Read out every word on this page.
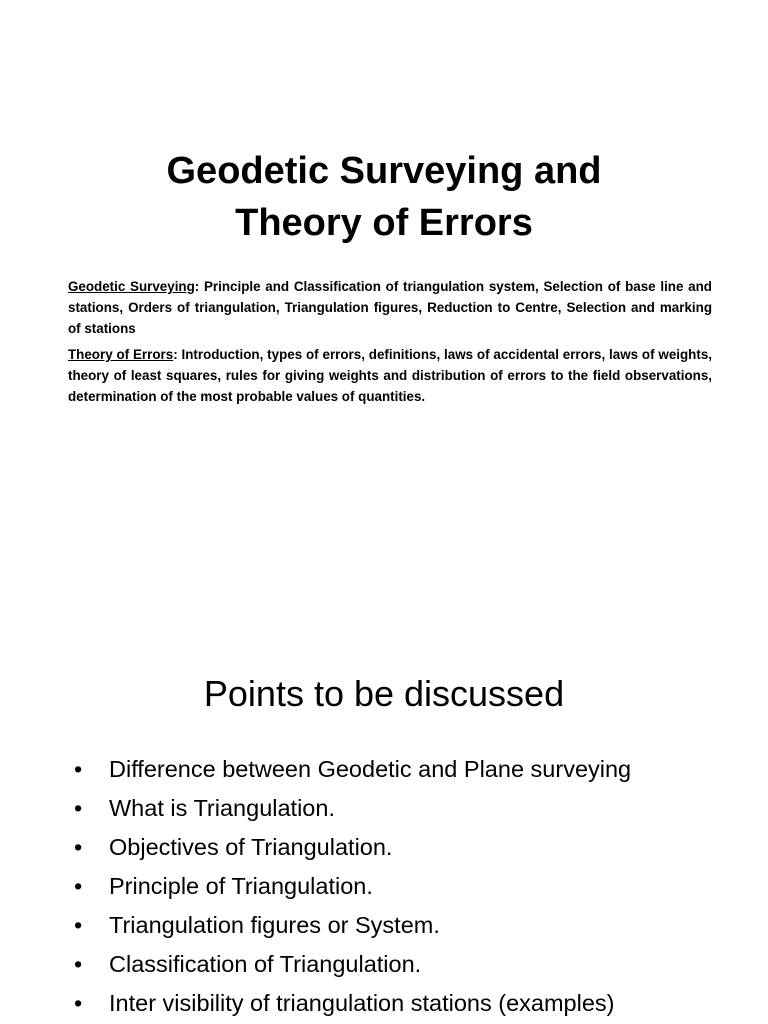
Geodetic Surveying and
Theory of Errors

Geodetic Surveying: Principle and Classification of triangulation system, Selection of base line and stations, Orders of triangulation, Triangulation figures, Reduction to Centre, Selection and marking of stations

Theory of Errors: Introduction, types of errors, definitions, laws of accidental errors, laws of weights, theory of least squares, rules for giving weights and distribution of errors to the field observations, determination of the most probable values of quantities.

Points to be discussed
• Difference between Geodetic and Plane surveying
• What is Triangulation.
• Objectives of Triangulation.
• Principle of Triangulation.
• Triangulation figures or System.
• Classification of Triangulation.
• Inter visibility of triangulation stations (examples)
